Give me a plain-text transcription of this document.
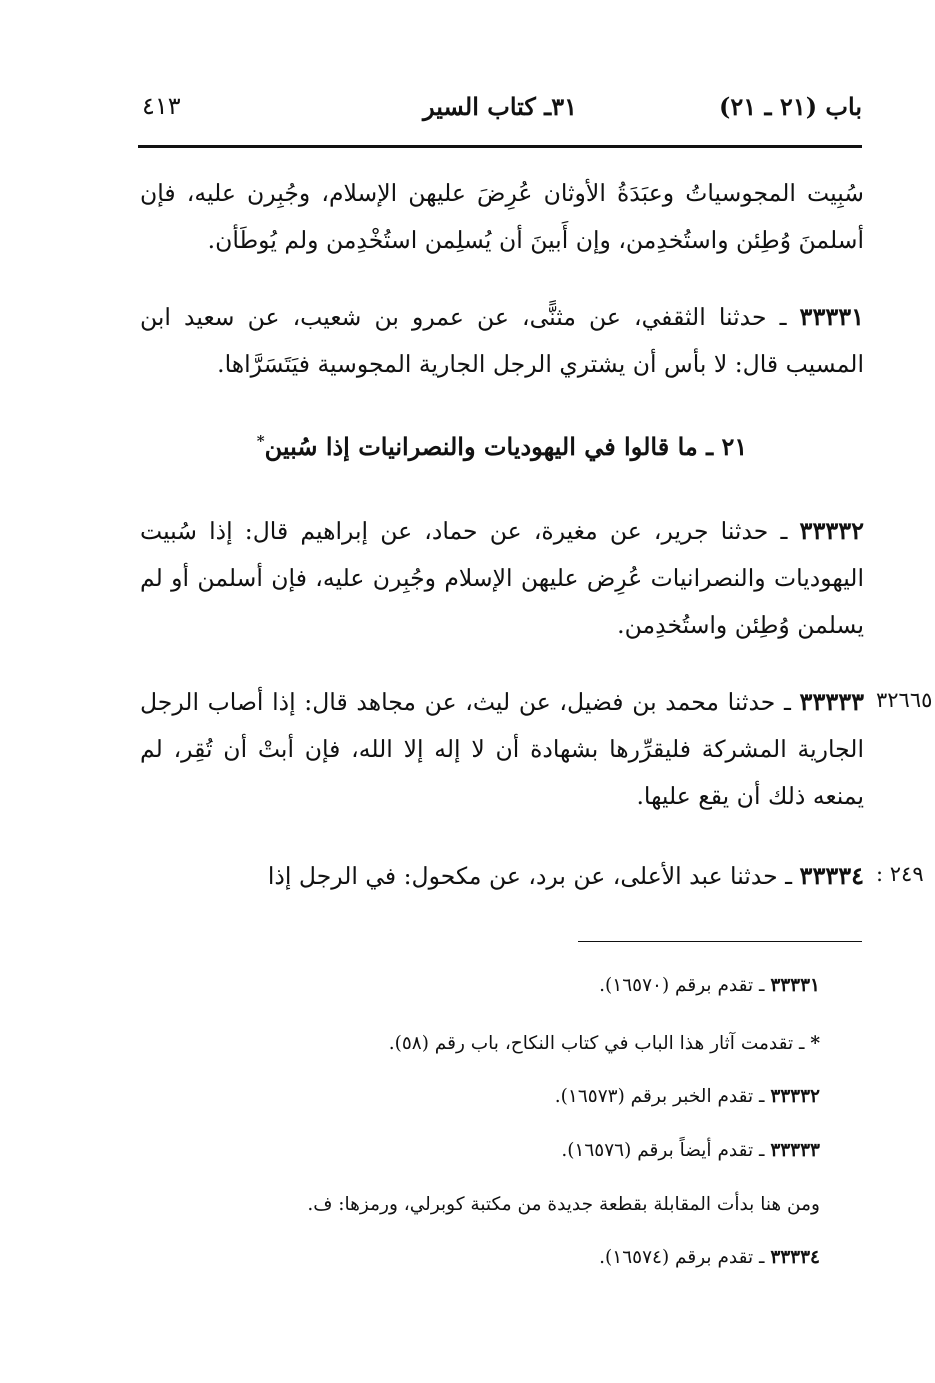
باب (٢١ ـ ٢١)
٣١ـ كتاب السير
٤١٣
سُبِيت المجوسياتُ وعبَدَةُ الأوثان عُرِضَ عليهن الإسلام، وجُبِرن عليه، فإن أسلمنَ وُطِئن واستُخدِمن، وإن أَبينَ أن يُسلِمن استُخْدِمن ولم يُوطَأن.
٣٣٣٣١ ـ حدثنا الثقفي، عن مثنًّى، عن عمرو بن شعيب، عن سعيد ابن المسيب قال: لا بأس أن يشتري الرجل الجارية المجوسية فيَتَسَرَّاها.
٢١ ـ ما قالوا في اليهوديات والنصرانيات إذا سُبين*
٣٣٣٣٢ ـ حدثنا جرير، عن مغيرة، عن حماد، عن إبراهيم قال: إذا سُبيت اليهوديات والنصرانيات عُرِض عليهن الإسلام وجُبِرن عليه، فإن أسلمن أو لم يسلمن وُطِئن واستُخدِمن.
٣٣٣٣٣ ـ حدثنا محمد بن فضيل، عن ليث، عن مجاهد قال: إذا أصاب الرجل الجارية المشركة فليقرِّرها بشهادة أن لا إله إلا الله، فإن أبتْ أن تُقِر، لم يمنعه ذلك أن يقع عليها.
٣٢٦٦٥
٣٣٣٣٤ ـ حدثنا عبد الأعلى، عن برد، عن مكحول: في الرجل إذا	: ٢٤٩
٣٣٣٣١ ـ تقدم برقم (١٦٥٧٠).
* ـ تقدمت آثار هذا الباب في كتاب النكاح، باب رقم (٥٨).
٣٣٣٣٢ ـ تقدم الخبر برقم (١٦٥٧٣).
٣٣٣٣٣ ـ تقدم أيضاً برقم (١٦٥٧٦).
ومن هنا بدأت المقابلة بقطعة جديدة من مكتبة كوبرلي، ورمزها: ف.
٣٣٣٣٤ ـ تقدم برقم (١٦٥٧٤).
